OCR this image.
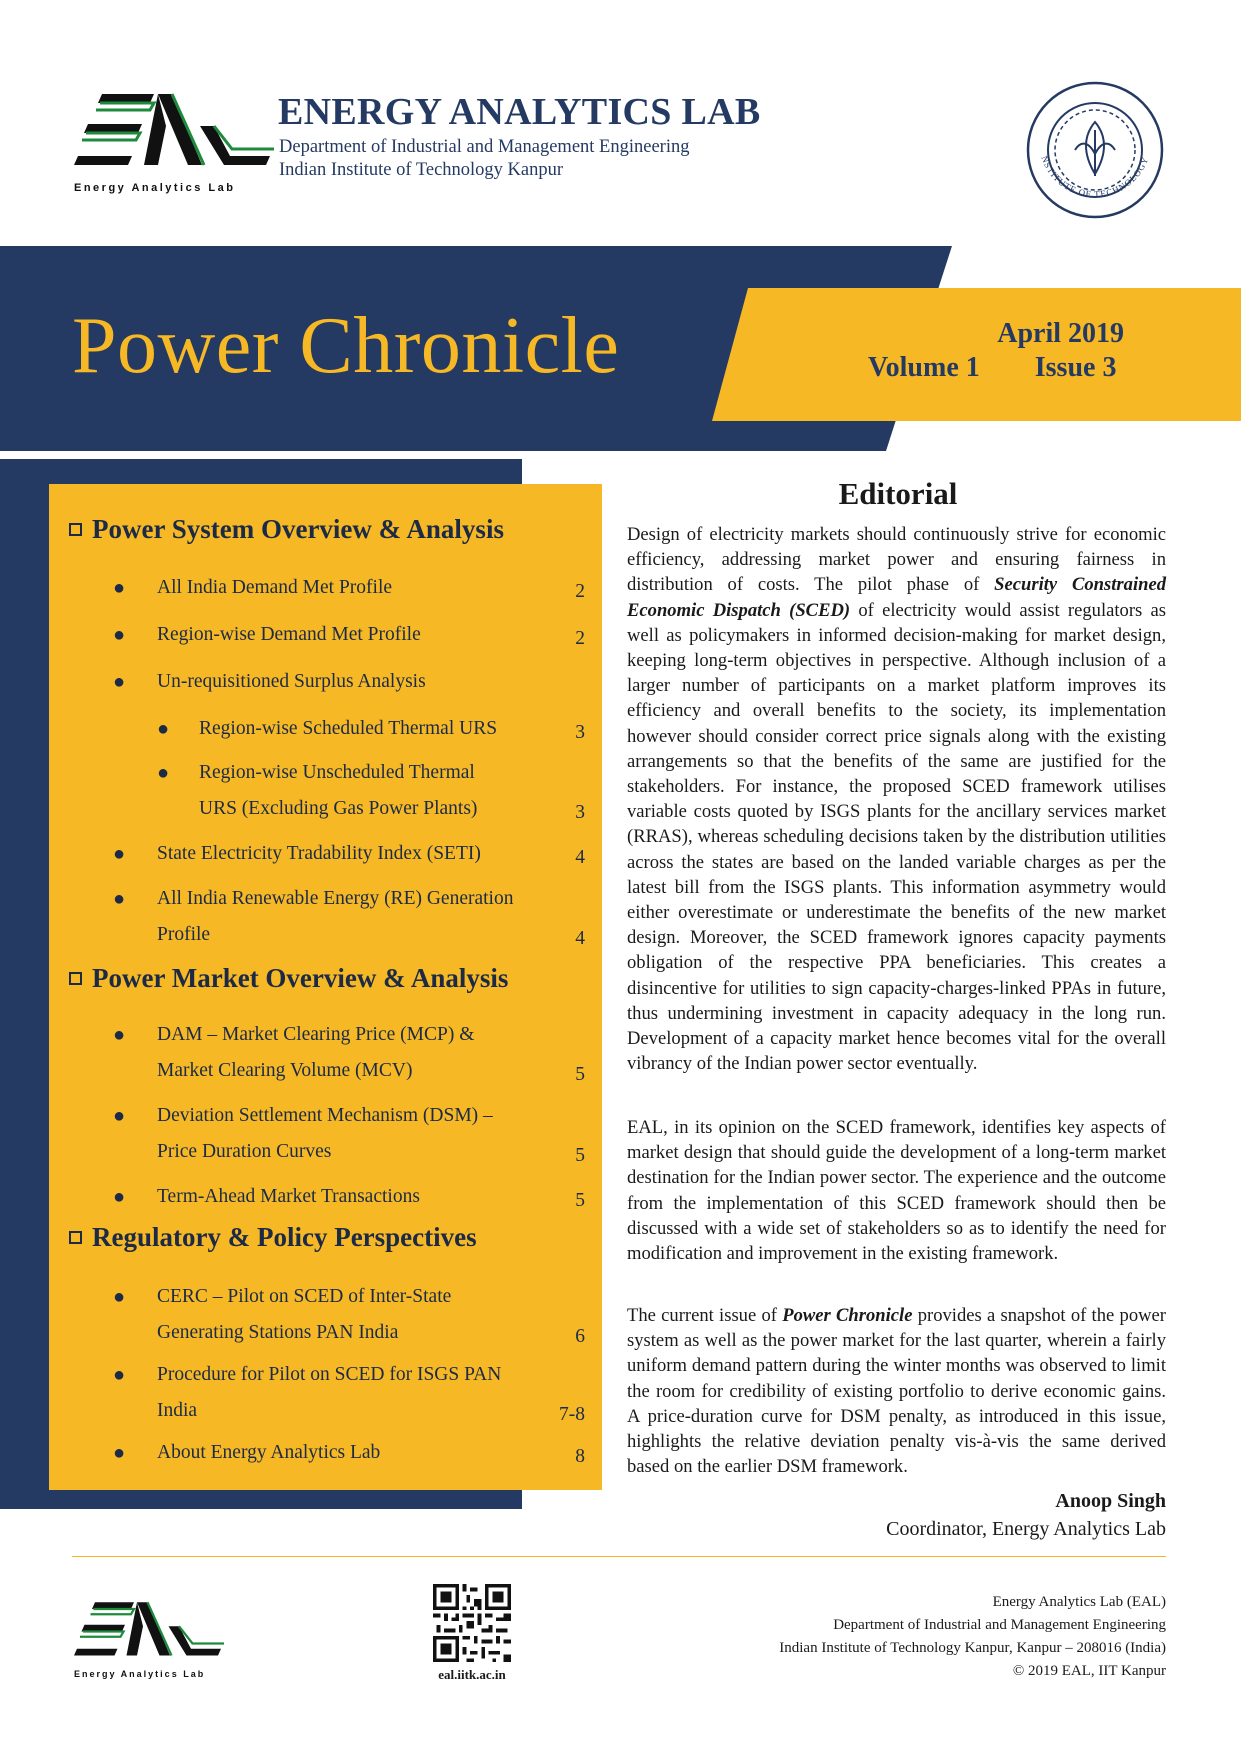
Energy Analytics Lab
ENERGY ANALYTICS LAB
Department of Industrial and Management Engineering
Indian Institute of Technology Kanpur
NSTITUTE OF TECHNOLOGY
Power Chronicle	April 2019
Volume 1 Issue 3
Power System Overview & Analysis
● All India Demand Met Profile	2
● Region-wise Demand Met Profile	2
● Un-requisitioned Surplus Analysis
● Region-wise Scheduled Thermal URS	3
● Region-wise Unscheduled Thermal
URS (Excluding Gas Power Plants)	3
● State Electricity Tradability Index (SETI)	4
● All India Renewable Energy (RE) Generation
Profile	4
Power Market Overview & Analysis
● DAM – Market Clearing Price (MCP) &
Market Clearing Volume (MCV)	5
● Deviation Settlement Mechanism (DSM) –
Price Duration Curves	5
● Term-Ahead Market Transactions	5
Regulatory & Policy Perspectives
● CERC – Pilot on SCED of Inter-State
Generating Stations PAN India	6
● Procedure for Pilot on SCED for ISGS PAN
India	7-8
● About Energy Analytics Lab	8
Editorial
Design of electricity markets should continuously strive for economic efficiency, addressing market power and ensuring fairness in distribution of costs. The pilot phase of Security Constrained Economic Dispatch (SCED) of electricity would assist regulators as well as policymakers in informed decision-making for market design, keeping long-term objectives in perspective. Although inclusion of a larger number of participants on a market platform improves its efficiency and overall benefits to the society, its implementation however should consider correct price signals along with the existing arrangements so that the benefits of the same are justified for the stakeholders. For instance, the proposed SCED framework utilises variable costs quoted by ISGS plants for the ancillary services market (RRAS), whereas scheduling decisions taken by the distribution utilities across the states are based on the landed variable charges as per the latest bill from the ISGS plants. This information asymmetry would either overestimate or underestimate the benefits of the new market design. Moreover, the SCED framework ignores capacity payments obligation of the respective PPA beneficiaries. This creates a disincentive for utilities to sign capacity-charges-linked PPAs in future, thus undermining investment in capacity adequacy in the long run. Development of a capacity market hence becomes vital for the overall vibrancy of the Indian power sector eventually.
EAL, in its opinion on the SCED framework, identifies key aspects of market design that should guide the development of a long-term market destination for the Indian power sector. The experience and the outcome from the implementation of this SCED framework should then be discussed with a wide set of stakeholders so as to identify the need for modification and improvement in the existing framework.
The current issue of Power Chronicle provides a snapshot of the power system as well as the power market for the last quarter, wherein a fairly uniform demand pattern during the winter months was observed to limit the room for credibility of existing portfolio to derive economic gains. A price-duration curve for DSM penalty, as introduced in this issue, highlights the relative deviation penalty vis-à-vis the same derived based on the earlier DSM framework.
Anoop Singh
Coordinator, Energy Analytics Lab
Energy Analytics Lab	eal.iitk.ac.in
Energy Analytics Lab (EAL)
Department of Industrial and Management Engineering
Indian Institute of Technology Kanpur, Kanpur – 208016 (India)
© 2019 EAL, IIT Kanpur
